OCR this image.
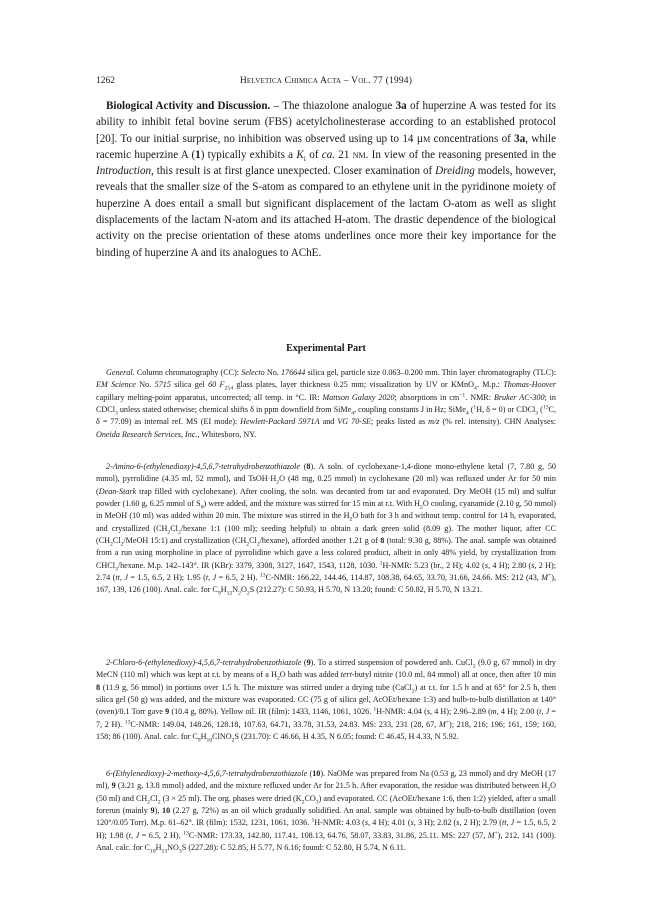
1262	Helvetica Chimica Acta – Vol. 77 (1994)

Biological Activity and Discussion. – The thiazolone analogue 3a of huperzine A was tested for its ability to inhibit fetal bovine serum (FBS) acetylcholinesterase according to an established protocol [20]. To our initial surprise, no inhibition was observed using up to 14 µm concentrations of 3a, while racemic huperzine A (1) typically exhibits a $K_i$ of ca. 21 nm. In view of the reasoning presented in the Introduction, this result is at first glance unexpected. Closer examination of Dreiding models, however, reveals that the smaller size of the S-atom as compared to an ethylene unit in the pyridinone moiety of huperzine A does entail a small but significant displacement of the lactam O-atom as well as slight displacements of the lactam N-atom and its attached H-atom. The drastic dependence of the biological activity on the precise orientation of these atoms underlines once more their key importance for the binding of huperzine A and its analogues to AChE.

Experimental Part

General. Column chromatography (CC): Selecto No. 176644 silica gel, particle size 0.063–0.200 mm. Thin layer chromatography (TLC): EM Science No. 5715 silica gel 60 $F_{254}$ glass plates, layer thickness 0.25 mm; visualization by UV or KMnO$_4$. M.p.: Thomas-Hoover capillary melting-point apparatus, uncorrected; all temp. in °C. IR: Mattson Galaxy 2020; absorptions in $cm^{-1}$. NMR: Bruker AC-300; in CDCl$_3$ unless stated otherwise; chemical shifts δ in ppm downfield from SiMe$_4$, coupling constants J in Hz; SiMe$_4$ ($^1$H, δ = 0) or CDCl$_3$ ($^{13}$C, δ = 77.09) as internal ref. MS (EI mode): Hewlett-Packard 5971A and VG 70-SE; peaks listed as m/z (% rel. intensity). CHN Analyses: Oneida Research Services, Inc., Whitesboro, NY.

2-Amino-6-(ethylenedioxy)-4,5,6,7-tetrahydrobenzothiazole (8). A soln. of cyclohexane-1,4-dione mono-ethylene ketal (7, 7.80 g, 50 mmol), pyrrolidine (4.35 ml, 52 mmol), and $TsOH\cdot H_2O$ (48 mg, 0.25 mmol) in cyclohexane (20 ml) was refluxed under Ar for 50 min (Dean-Stark trap filled with cyclohexane). After cooling, the soln. was decanted from tar and evaporated. Dry MeOH (15 ml) and sulfur powder (1.60 g, 6.25 mmol of $S_8$) were added, and the mixture was stirred for 15 min at r.t. With $H_2O$ cooling, cyanamide (2.10 g, 50 mmol) in MeOH (10 ml) was added within 20 min. The mixture was stirred in the $H_2O$ bath for 3 h and without temp. control for 14 h, evaporated, and crystallized ($CH_2Cl_2$/hexane 1:1 (100 ml); seeding helpful) to obtain a dark green solid (8.09 g). The mother liquor, after CC ($CH_2Cl_2$/MeOH 15:1) and crystallization $(CH_2Cl_2/hexane)$, afforded another 1.21 g of 8 (total: 9.30 g, 88%). The anal. sample was obtained from a run using morpholine in place of pyrrolidine which gave a less colored product, albeit in only 48% yield, by crystallization from CHCl$_3$/hexane. M.p. 142–143°. IR (KBr): 3379, 3308, 3127, 1647, 1543, 1128, 1030. $^1$H-NMR: 5.23 (br., 2 H); 4.02 (s, 4 H); 2.80 (s, 2 H); 2.74 (tt, J = 1.5, 6.5, 2 H); 1.95 (t, J = 6.5, 2 H). $^{13}$C-NMR: 166.22, 144.46, 114.87, 108.38, 64.65, 33.70, 31.66, 24.66. MS: 212 (43, M+), 167, 139, 126 (100). Anal. calc. for $C_9H_{12}N_2O_2S$ (212.27): C 50.93, H 5.70, N 13.20; found: C 50.82, H 5.70, N 13.21.

2-Chloro-6-(ethylenedioxy)-4,5,6,7-tetrahydrobenzothiazole (9). To a stirred suspension of powdered anh. CuCl$_2$ (9.0 g, 67 mmol) in dry MeCN (110 ml) which was kept at r.t. by means of a $H_2O$ bath was added tert-butyl nitrite (10.0 ml, 84 mmol) all at once, then after 10 min 8 (11.9 g, 56 mmol) in portions over 1.5 h. The mixture was stirred under a drying tube (CaCl$_2$) at r.t. for 1.5 h and at 65° for 2.5 h, then silica gel (50 g) was added, and the mixture was evaporated. CC (75 g of silica gel, AcOEt/hexane 1:3) and bulb-to-bulb distillation at 140° (oven)/0.1 Torr gave 9 (10.4 g, 80%). Yellow oil. IR (film): 1433, 1146, 1061, 1026. $^1$H-NMR: 4.04 (s, 4 H); 2.96–2.89 (m, 4 H); 2.00 (t, J = 7, 2 H). $^{13}$C-NMR: 149.04, 148.26, 128.18, 107.63, 64.71, 33.78, 31.53, 24.83. MS: 233, 231 (28, 67, M+); 218, 216; 196; 161, 159; 160, 158; 86 (100). Anal. calc. for $C_9H_{10}ClNO_2S$ (231.70): C 46.66, H 4.35, N 6.05; found: C 46.45, H 4.33, N 5.92.

6-(Ethylenedioxy)-2-methoxy-4,5,6,7-tetrahydrobenzothiazole (10). NaOMe was prepared from Na (0.53 g, 23 mmol) and dry MeOH (17 ml), 9 (3.21 g, 13.8 mmol) added, and the mixture refluxed under Ar for 21.5 h. After evaporation, the residue was distributed between $H_2O$ (50 ml) and $CH_2Cl_2$ (3 × 25 ml). The org. phases were dried $(K_2CO_3)$ and evaporated. CC (AcOEt/hexane 1:6, then 1:2) yielded, after a small forerun (mainly 9), 10 (2.27 g, 72%) as an oil which gradually solidified. An anal. sample was obtained by bulb-to-bulb distillation (oven 120°/0.05 Torr). M.p. 61–62°. IR (film): 1532, 1231, 1061, 1036. $^1$H-NMR: 4.03 (s, 4 H); 4.01 (s, 3 H); 2.82 (s, 2 H); 2.79 (tt, J = 1.5, 6.5, 2 H); 1.98 (t, J = 6.5, 2 H). $^{13}$C-NMR: 173.33, 142.80, 117.41, 108.13, 64.76, 58.07, 33.83, 31.86, 25.11. MS: 227 (57, M+), 212, 141 (100). Anal. calc. for $C_{10}H_{13}NO_3S$ (227.28): C 52.85, H 5.77, N 6.16; found: C 52.80, H 5.74, N 6.11.
